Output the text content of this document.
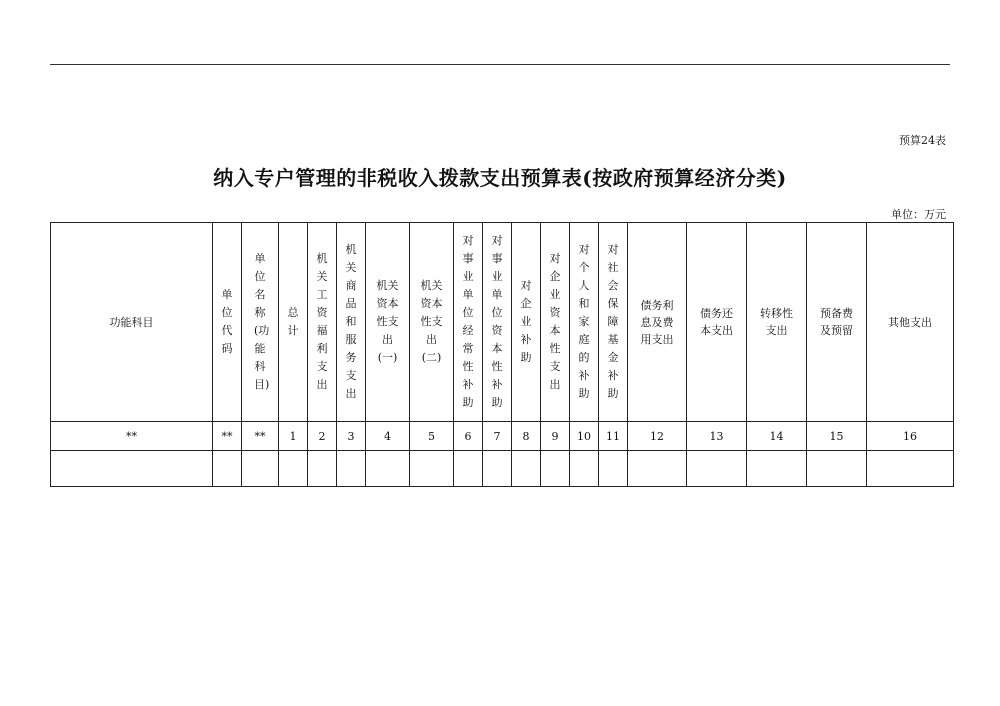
预算24表
纳入专户管理的非税收入拨款支出预算表(按政府预算经济分类)
单位：万元
功能科目	单位代码	单位名称(功能科目)	总计	机关工资福利支出	机关商品和服务支出	机关资本性支出(一)	机关资本性支出(二)	对事业单位经常性补助	对事业单位资本性补助	对企业补助	对企业资本性支出	对个人和家庭的补助	对社会保障基金补助	债务利息及费用支出	债务还本支出	转移性支出	预备费及预留	其他支出
**	**	**	1	2	3	4	5	6	7	8	9	10	11	12	13	14	15	16
